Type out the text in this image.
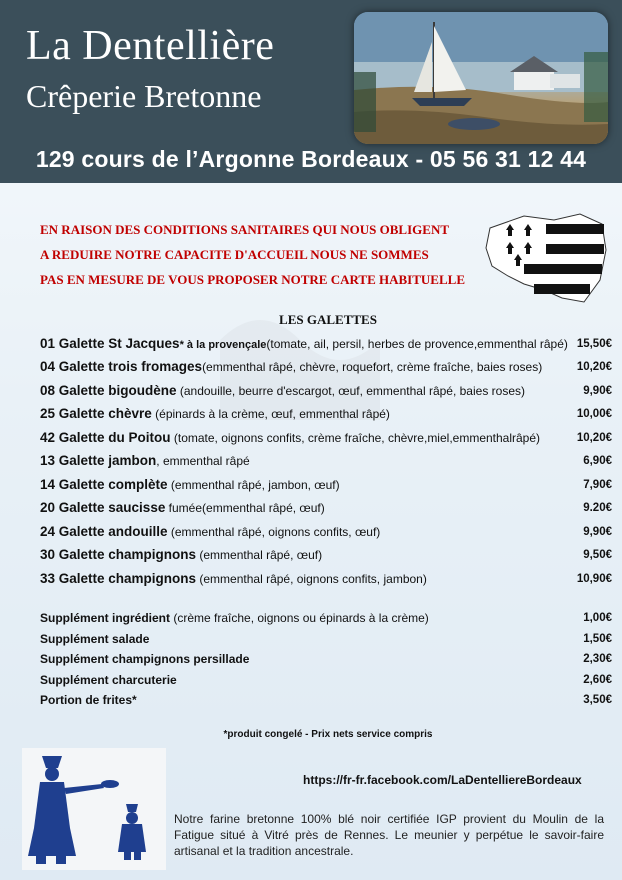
La Dentellière
Crêperie Bretonne
129 cours de l’Argonne Bordeaux - 05 56 31 12 44
EN RAISON DES CONDITIONS SANITAIRES QUI NOUS OBLIGENT
A REDUIRE NOTRE CAPACITE D'ACCUEIL NOUS NE SOMMES
PAS EN MESURE DE VOUS PROPOSER NOTRE CARTE HABITUELLE
LES GALETTES
01 Galette St Jacques* à la provençale(tomate, ail, persil, herbes de provence,emmenthal râpé) 15,50€
04 Galette trois fromages(emmenthal râpé, chèvre, roquefort, crème fraîche, baies roses)	10,20€
08 Galette bigoudène (andouille, beurre d'escargot, œuf, emmenthal râpé, baies roses)	9,90€
25 Galette chèvre (épinards à la crème, œuf, emmenthal râpé)	10,00€
42 Galette du Poitou (tomate, oignons confits, crème fraîche, chèvre,miel,emmenthalrâpé)	10,20€
13 Galette jambon, emmenthal râpé	6,90€
14 Galette complète (emmenthal râpé, jambon, œuf)	7,90€
20 Galette saucisse fumée(emmenthal râpé, œuf)	9.20€
24 Galette andouille (emmenthal râpé, oignons confits, œuf)	9,90€
30 Galette champignons (emmenthal râpé, œuf)	9,50€
33 Galette champignons (emmenthal râpé, oignons confits, jambon)	10,90€
Supplément ingrédient (crème fraîche, oignons ou épinards à la crème)	1,00€
Supplément salade	1,50€
Supplément champignons persillade	2,30€
Supplément charcuterie	2,60€
Portion de frites*	3,50€
*produit congelé - Prix nets service compris
https://fr-fr.facebook.com/LaDentelliereBordeaux
Notre farine bretonne 100% blé noir certifiée IGP provient du Moulin de la Fatigue situé à Vitré près de Rennes. Le meunier y perpétue le savoir-faire artisanal et la tradition ancestrale.
